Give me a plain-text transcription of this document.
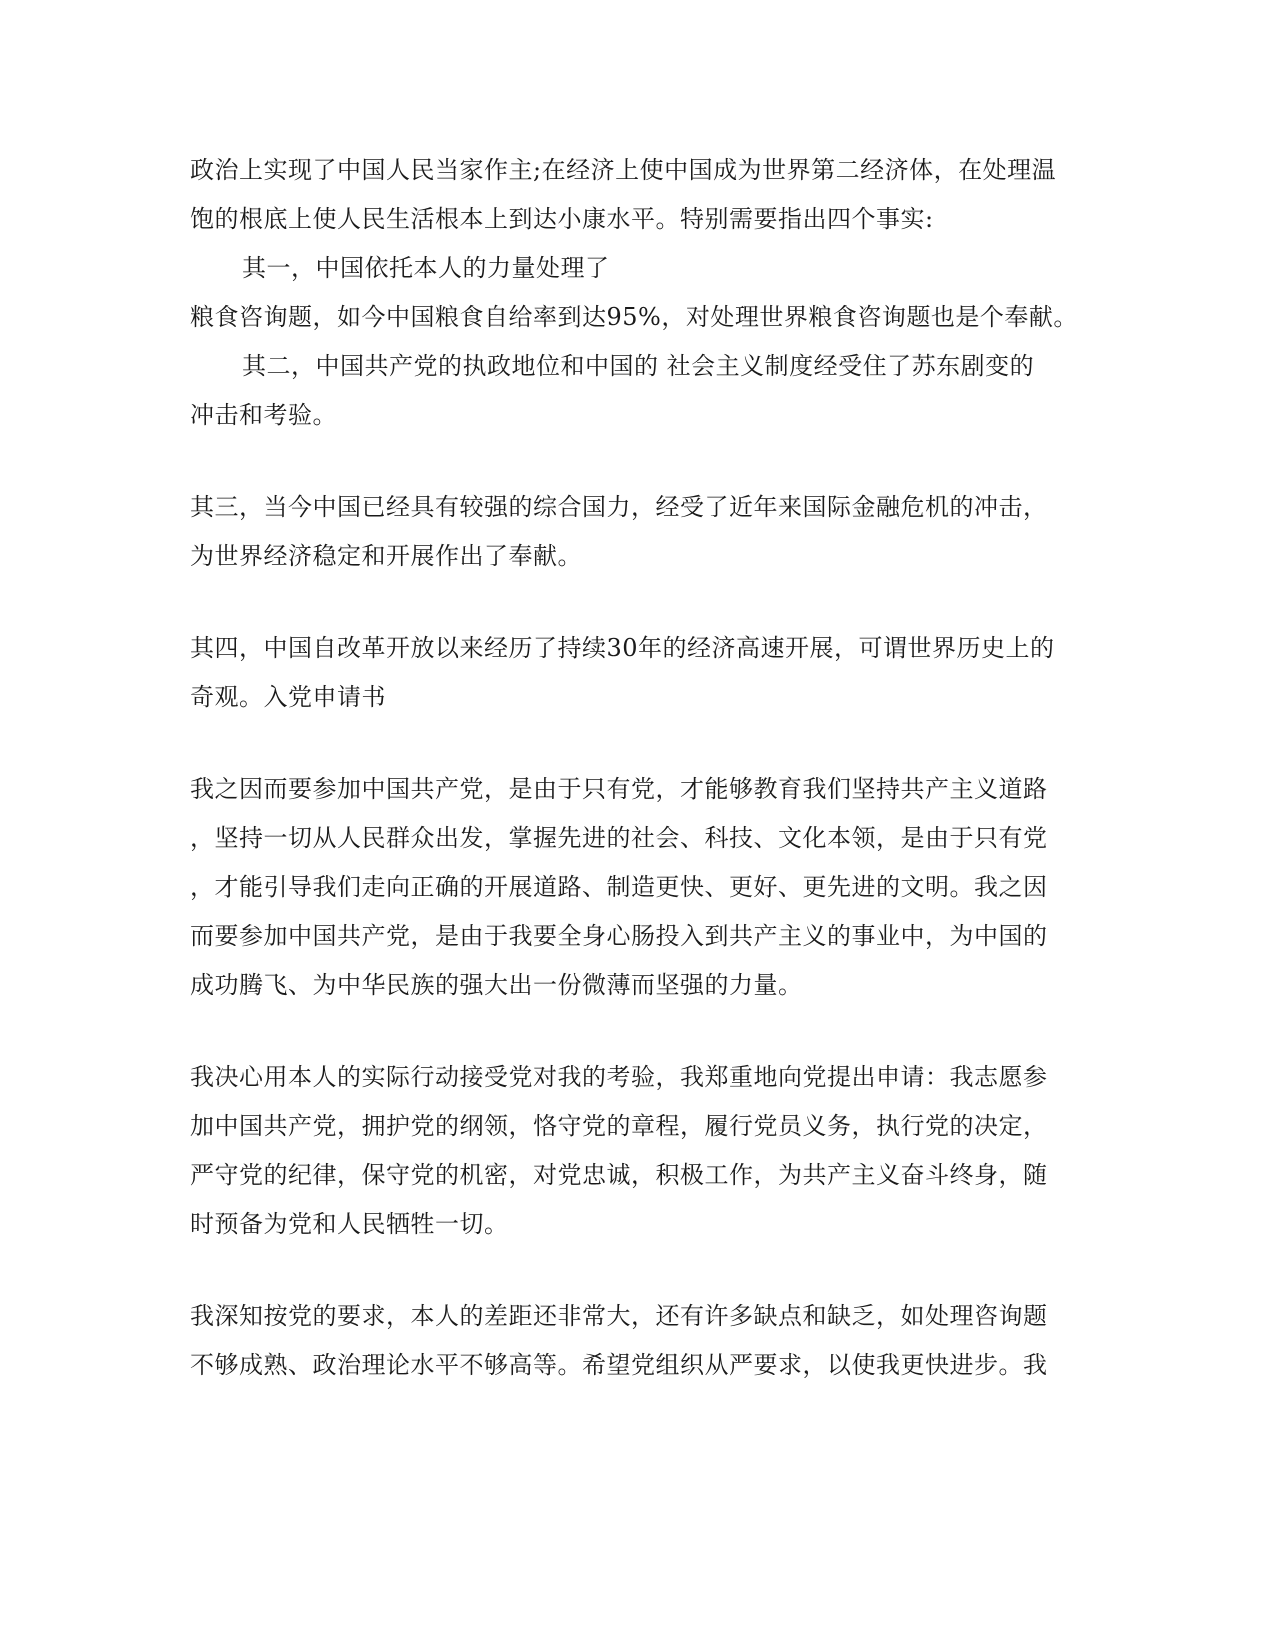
政治上实现了中国人民当家作主;在经济上使中国成为世界第二经济体，在处理温
饱的根底上使人民生活根本上到达小康水平。特别需要指出四个事实:
其一，中国依托本人的力量处理了
粮食咨询题，如今中国粮食自给率到达95%，对处理世界粮食咨询题也是个奉献。
其二，中国共产党的执政地位和中国的 社会主义制度经受住了苏东剧变的
冲击和考验。
其三，当今中国已经具有较强的综合国力，经受了近年来国际金融危机的冲击，
为世界经济稳定和开展作出了奉献。
其四，中国自改革开放以来经历了持续30年的经济高速开展，可谓世界历史上的
奇观。入党申请书
我之因而要参加中国共产党，是由于只有党，才能够教育我们坚持共产主义道路
，坚持一切从人民群众出发，掌握先进的社会、科技、文化本领，是由于只有党
，才能引导我们走向正确的开展道路、制造更快、更好、更先进的文明。我之因
而要参加中国共产党，是由于我要全身心肠投入到共产主义的事业中，为中国的
成功腾飞、为中华民族的强大出一份微薄而坚强的力量。
我决心用本人的实际行动接受党对我的考验，我郑重地向党提出申请：我志愿参
加中国共产党，拥护党的纲领，恪守党的章程，履行党员义务，执行党的决定，
严守党的纪律，保守党的机密，对党忠诚，积极工作，为共产主义奋斗终身，随
时预备为党和人民牺牲一切。
我深知按党的要求，本人的差距还非常大，还有许多缺点和缺乏，如处理咨询题
不够成熟、政治理论水平不够高等。希望党组织从严要求，以使我更快进步。我
